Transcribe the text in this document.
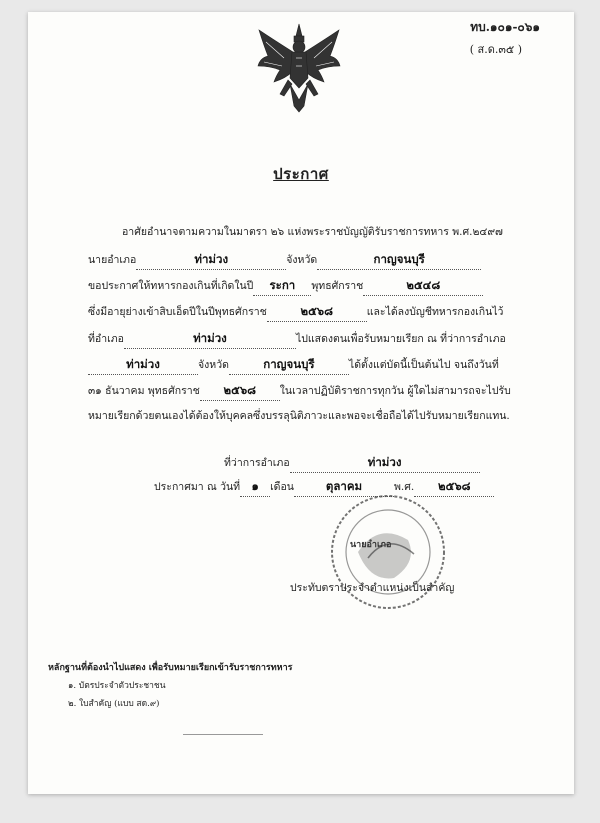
ทบ.๑๐๑-๐๖๑
( ส.ด.๓๕ )
ประกาศ
อาศัยอำนาจตามความในมาตรา ๒๖ แห่งพระราชบัญญัติรับราชการทหาร พ.ศ.๒๔๙๗
นายอำเภอ	ท่าม่วง	จังหวัด	กาญจนบุรี
ขอประกาศให้ทหารกองเกินที่เกิดในปี ระกา พุทธศักราช	๒๕๔๘
ซึ่งมีอายุย่างเข้าสิบเอ็ดปีในปีพุทธศักราช	๒๕๖๘	และได้ลงบัญชีทหารกองเกินไว้
ที่อำเภอ	ท่าม่วง	ไปแสดงตนเพื่อรับหมายเรียก ณ ที่ว่าการอำเภอ
ท่าม่วง	จังหวัด	กาญจนบุรี	ได้ตั้งแต่บัดนี้เป็นต้นไป จนถึงวันที่
๓๑ ธันวาคม พุทธศักราช ๒๕๖๘ ในเวลาปฏิบัติราชการทุกวัน ผู้ใดไม่สามารถจะไปรับ
หมายเรียกด้วยตนเองได้ต้องให้บุคคลซึ่งบรรลุนิติภาวะและพอจะเชื่อถือได้ไปรับหมายเรียกแทน.
ที่ว่าการอำเภอ	ท่าม่วง
ประกาศมา ณ วันที่ ๑ เดือน	ตุลาคม	พ.ศ. ๒๕๖๘
นายอำเภอ
ประทับตราประจำตำแหน่งเป็นสำคัญ
หลักฐานที่ต้องนำไปแสดง เพื่อรับหมายเรียกเข้ารับราชการทหาร
๑. บัตรประจำตัวประชาชน
๒. ใบสำคัญ (แบบ สด.๙)
